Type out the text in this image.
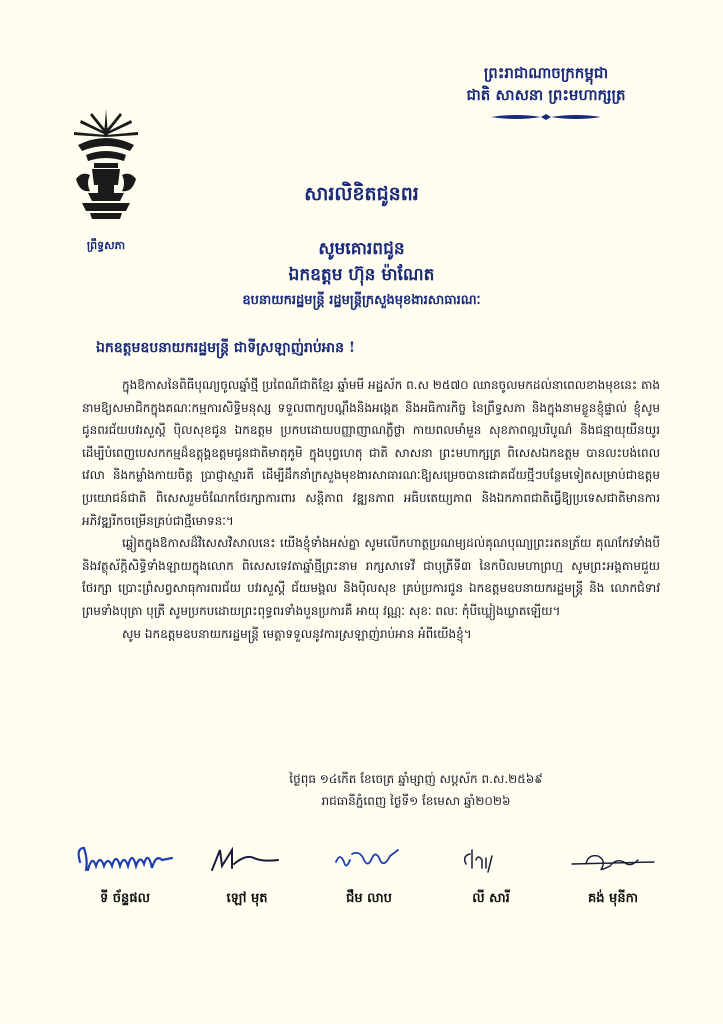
ព្រះរាជាណាចក្រកម្ពុជា
ជាតិ សាសនា ព្រះមហាក្សត្រ
ព្រឹទ្ធសភា
សារលិខិតជូនពរ
សូមគោរពជូន
ឯកឧត្តម ហ៊ុន ម៉ាណែត
ឧបនាយករដ្ឋមន្ត្រី រដ្ឋមន្ត្រីក្រសួងមុខងារសាធារណៈ
ឯកឧត្តមឧបនាយករដ្ឋមន្ត្រី ជាទីស្រឡាញ់រាប់អាន !

ក្នុងឱកាសនៃពិធីបុណ្យចូលឆ្នាំថ្មី ប្រពៃណីជាតិខ្មែរ ឆ្នាំមមី អដ្ឋស័ក ព.ស ២៥៧០ ឈានចូលមកដល់នាពេលខាងមុខនេះ តាងនាមឱ្យសមាជិកក្នុងគណៈកម្មការសិទ្ធិមនុស្ស ទទួលពាក្យបណ្តឹងនិងអង្កេត និងអធិការកិច្ច នៃព្រឹទ្ធសភា និងក្នុងនាមខ្លួនខ្ញុំផ្ទាល់ ខ្ញុំសូមជូនពរជ័យបវរសួស្តី បុិលសុខជូន ឯកឧត្តម ប្រកបដោយបញ្ញាញាណភ្លឺថ្លា កាយពលមាំមួន សុខភាពល្អបរិបូណ៌ និងជន្មាយុយឺនយូរ ដើម្បីបំពេញបេសកកម្មដ៏ឧត្តុង្គឧត្តមជូនជាតិមាតុភូមិ ក្នុងបុព្វហេតុ ជាតិ សាសនា ព្រះមហាក្សត្រ ពិសេសឯកឧត្តម បានលះបង់ពេលវេលា និងកម្លាំងកាយចិត្ត ប្រាជ្ញាស្មារតី ដើម្បីដឹកនាំក្រសួងមុខងារសាធារណៈឱ្យសម្រេចបានជោគជ័យថ្មីៗបន្ថែមទៀតសម្រាប់ជាឧត្តមប្រយោជន៍ជាតិ ពិសេសរួមចំណែកថែរក្សាការពារ សន្តិភាព វឌ្ឍនភាព អធិបតេយ្យភាព និងឯកភាពជាតិធ្វើឱ្យប្រទេសជាតិមានការអភិវឌ្ឍរីកចម្រើនគ្រប់ជាថ្មីមោទនៈ។

ឆ្លៀតក្នុងឱកាសដ៏វិសេសវិសាលនេះ យើងខ្ញុំទាំងអស់គ្នា សូមលើកហាត្ថប្រណម្យដល់គុណបុណ្យព្រះរតនត្រ័យ គុណកែវទាំងបី និងវត្ថុស័ក្តិសិទ្ធិទាំងឡាយក្នុងលោក ពិសេសទេវតាឆ្នាំថ្មីព្រះនាម រាក្សសាទេវី ជាបុត្រីទី៣ នៃកបិលមហាព្រហ្ម សូមព្រះអង្គតាមជួយថែរក្សា ប្រោះព្រំសព្វសាធុការពរជ័យ បវរសួស្តី ជ័យមង្គល និងបុិលសុខ គ្រប់ប្រការជូន ឯកឧត្តមឧបនាយករដ្ឋមន្ត្រី និង លោកជំទាវ ព្រមទាំងបុត្រា បុត្រី សូមប្រកបដោយព្រះពុទ្ធពរទាំងបួនប្រការគឺ អាយុ វណ្ណៈ សុខៈ ពលៈ កុំបីឃ្លៀងឃ្លាតឡើយ។

សូម ឯកឧត្តមឧបនាយករដ្ឋមន្ត្រី មេត្តាទទួលនូវការស្រឡាញ់រាប់អាន អំពីយើងខ្ញុំ។

ថ្ងៃពុធ ១៤កើត ខែចេត្រ ឆ្នាំម្សាញ់ សប្តស័ក ព.ស.២៥៦៩
រាជធានីភ្នំពេញ ថ្ងៃទី១ ខែមេសា ឆ្នាំ២០២៦
ទី ច័ន្ទផល	ឡៅ មុត	ជឹម លាប	លី សារី	គង់ មុនីកា
